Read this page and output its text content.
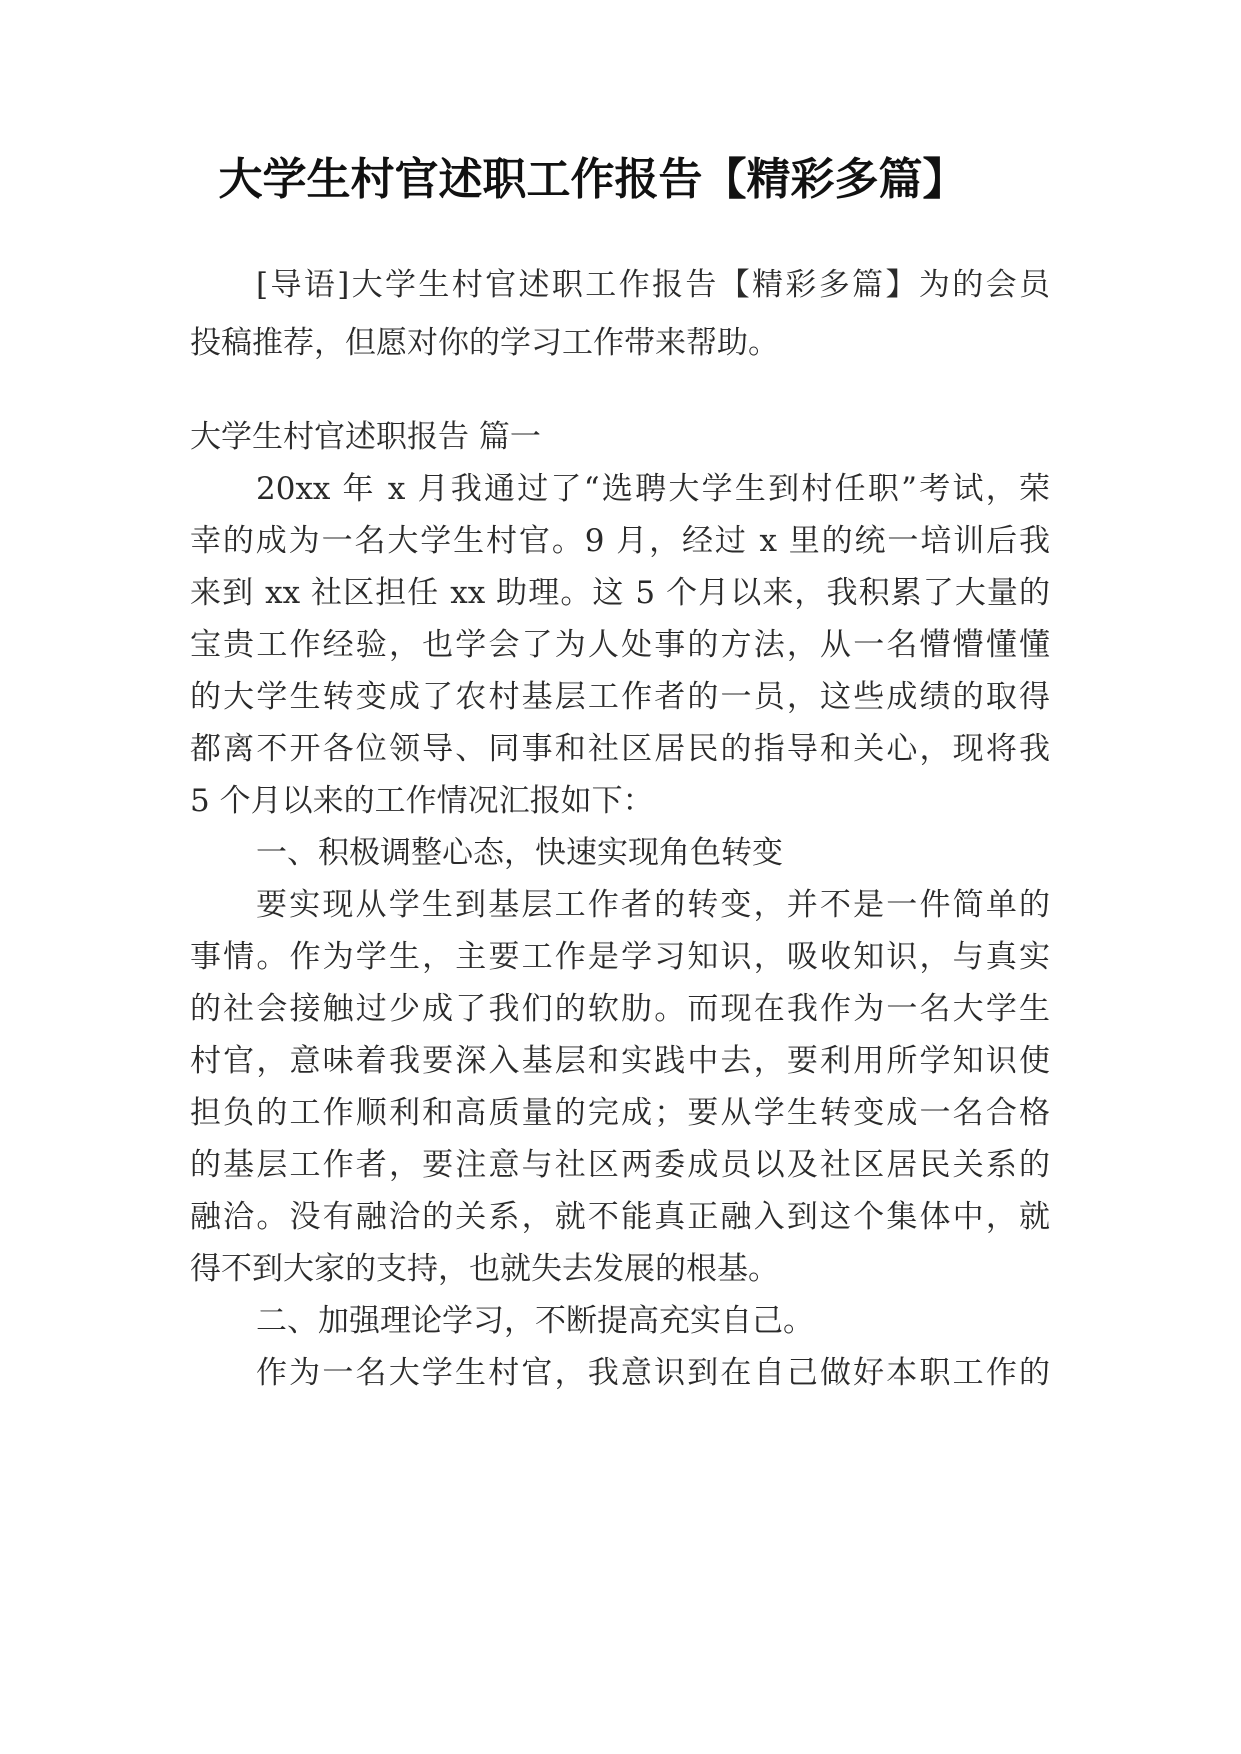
大学生村官述职工作报告【精彩多篇】
[导语]大学生村官述职工作报告【精彩多篇】为的会员
投稿推荐，但愿对你的学习工作带来帮助。
大学生村官述职报告 篇一
20xx 年 x 月我通过了“选聘大学生到村任职”考试，荣
幸的成为一名大学生村官。9 月，经过 x 里的统一培训后我
来到 xx 社区担任 xx 助理。这 5 个月以来，我积累了大量的
宝贵工作经验，也学会了为人处事的方法，从一名懵懵懂懂
的大学生转变成了农村基层工作者的一员，这些成绩的取得
都离不开各位领导、同事和社区居民的指导和关心，现将我
5 个月以来的工作情况汇报如下：
一、积极调整心态，快速实现角色转变
要实现从学生到基层工作者的转变，并不是一件简单的
事情。作为学生，主要工作是学习知识，吸收知识，与真实
的社会接触过少成了我们的软肋。而现在我作为一名大学生
村官，意味着我要深入基层和实践中去，要利用所学知识使
担负的工作顺利和高质量的完成；要从学生转变成一名合格
的基层工作者，要注意与社区两委成员以及社区居民关系的
融洽。没有融洽的关系，就不能真正融入到这个集体中，就
得不到大家的支持，也就失去发展的根基。
二、加强理论学习，不断提高充实自己。
作为一名大学生村官，我意识到在自己做好本职工作的
